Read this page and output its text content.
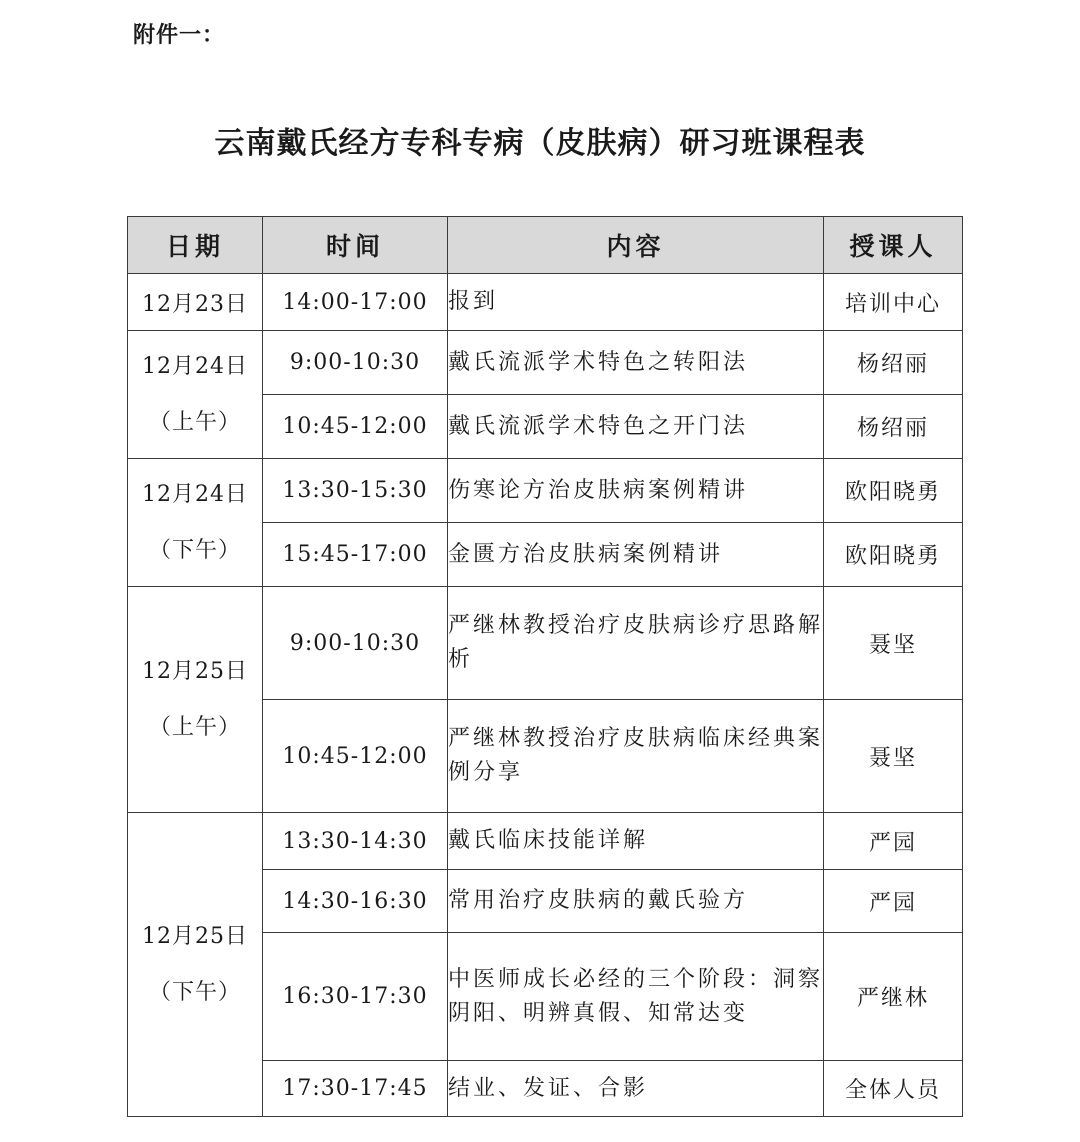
附件一：
云南戴氏经方专科专病（皮肤病）研习班课程表
日期	时间	内容	授课人
12月23日	14:00-17:00	报到	培训中心

12月24日
（上午）	9:00-10:30	戴氏流派学术特色之转阳法	杨绍丽
	10:45-12:00	戴氏流派学术特色之开门法	杨绍丽

12月24日
（下午）	13:30-15:30	伤寒论方治皮肤病案例精讲	欧阳晓勇
	15:45-17:00	金匮方治皮肤病案例精讲	欧阳晓勇

12月25日
（上午）	9:00-10:30	严继林教授治疗皮肤病诊疗思路解析	聂坚
	10:45-12:00	严继林教授治疗皮肤病临床经典案例分享	聂坚

12月25日
（下午）	13:30-14:30	戴氏临床技能详解	严园
	14:30-16:30	常用治疗皮肤病的戴氏验方	严园
	16:30-17:30	中医师成长必经的三个阶段：洞察阴阳、明辨真假、知常达变	严继林
	17:30-17:45	结业、发证、合影	全体人员
